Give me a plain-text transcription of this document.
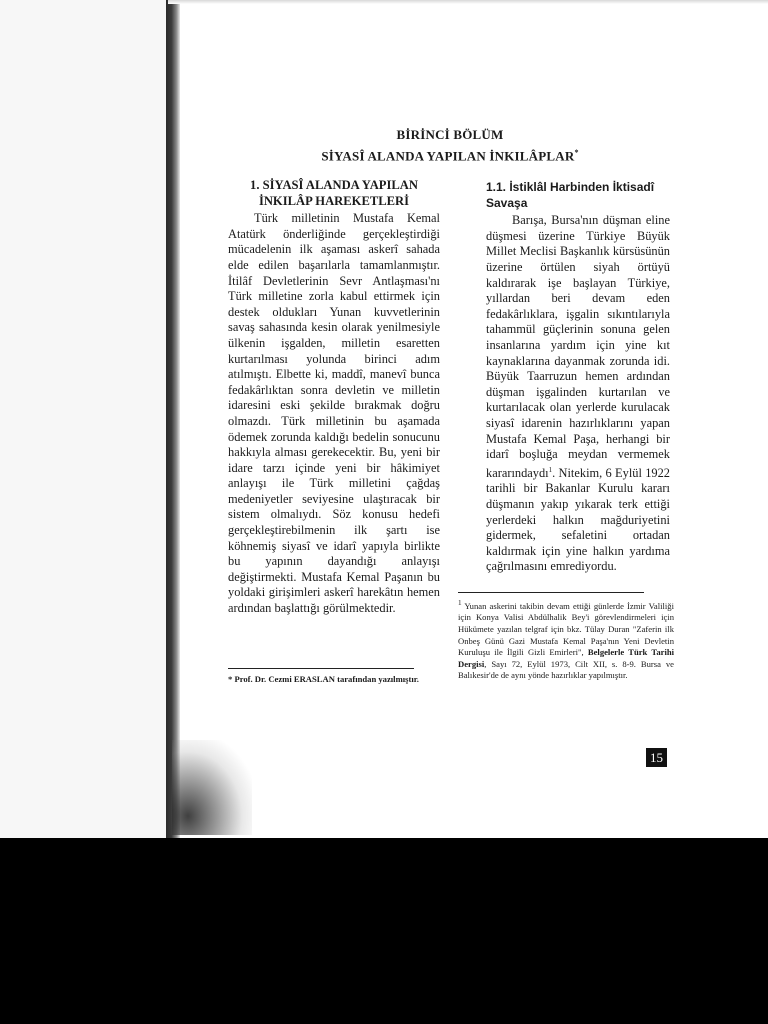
BİRİNCİ BÖLÜM
SİYASÎ ALANDA YAPILAN İNKILÂPLAR*
1. SİYASÎ ALANDA YAPILAN İNKILÂP HAREKETLERİ

Türk milletinin Mustafa Kemal Atatürk önderliğinde gerçekleştirdiği mücadelenin ilk aşaması askerî sahada elde edilen başarılarla tamamlanmıştır. İtilâf Devletlerinin Sevr Antlaşması'nı Türk milletine zorla kabul ettirmek için destek oldukları Yunan kuvvetlerinin savaş sahasında kesin olarak yenilmesiyle ülkenin işgalden, milletin esaretten kurtarılması yolunda birinci adım atılmıştı. Elbette ki, maddî, manevî bunca fedakârlıktan sonra devletin ve milletin idaresini eski şekilde bırakmak doğru olmazdı. Türk milletinin bu aşamada ödemek zorunda kaldığı bedelin sonucunu hakkıyla alması gerekecektir. Bu, yeni bir idare tarzı içinde yeni bir hâkimiyet anlayışı ile Türk milletini çağdaş medeniyetler seviyesine ulaştıracak bir sistem olmalıydı. Söz konusu hedefi gerçekleştirebilmenin ilk şartı ise köhnemiş siyasî ve idarî yapıyla birlikte bu yapının dayandığı anlayışı değiştirmekti. Mustafa Kemal Paşanın bu yoldaki girişimleri askerî harekâtın hemen ardından başlattığı görülmektedir.

1.1. İstiklâl Harbinden İktisadî Savaşa

Barışa, Bursa'nın düşman eline düşmesi üzerine Türkiye Büyük Millet Meclisi Başkanlık kürsüsünün üzerine örtülen siyah örtüyü kaldırarak işe başlayan Türkiye, yıllardan beri devam eden fedakârlıklara, işgalin sıkıntılarıyla tahammül güçlerinin sonuna gelen insanlarına yardım için yine kıt kaynaklarına dayanmak zorunda idi. Büyük Taarruzun hemen ardından düşman işgalinden kurtarılan ve kurtarılacak olan yerlerde kurulacak siyasî idarenin hazırlıklarını yapan Mustafa Kemal Paşa, herhangi bir idarî boşluğa meydan vermemek kararındaydı$^1$. Nitekim, 6 Eylül 1922 tarihli bir Bakanlar Kurulu kararı düşmanın yakıp yıkarak terk ettiği yerlerdeki halkın mağduriyetini gidermek, sefaletini ortadan kaldırmak için yine halkın yardıma çağrılmasını emrediyordu.

* Prof. Dr. Cezmi ERASLAN tarafından yazılmıştır.
$^1$ Yunan askerini takibin devam ettiği günlerde İzmir Valiliği için Konya Valisi Abdülhalik Bey'i görevlendirmeleri için Hükümete yazılan telgraf için bkz. Tülay Duran "Zaferin ilk Onbeş Günü Gazi Mustafa Kemal Paşa'nın Yeni Devletin Kuruluşu ile İlgili Gizli Emirleri", Belgelerle Türk Tarihi Dergisi, Sayı 72, Eylül 1973, Cilt XII, s. 8-9. Bursa ve Balıkesir'de de aynı yönde hazırlıklar yapılmıştır.
15
